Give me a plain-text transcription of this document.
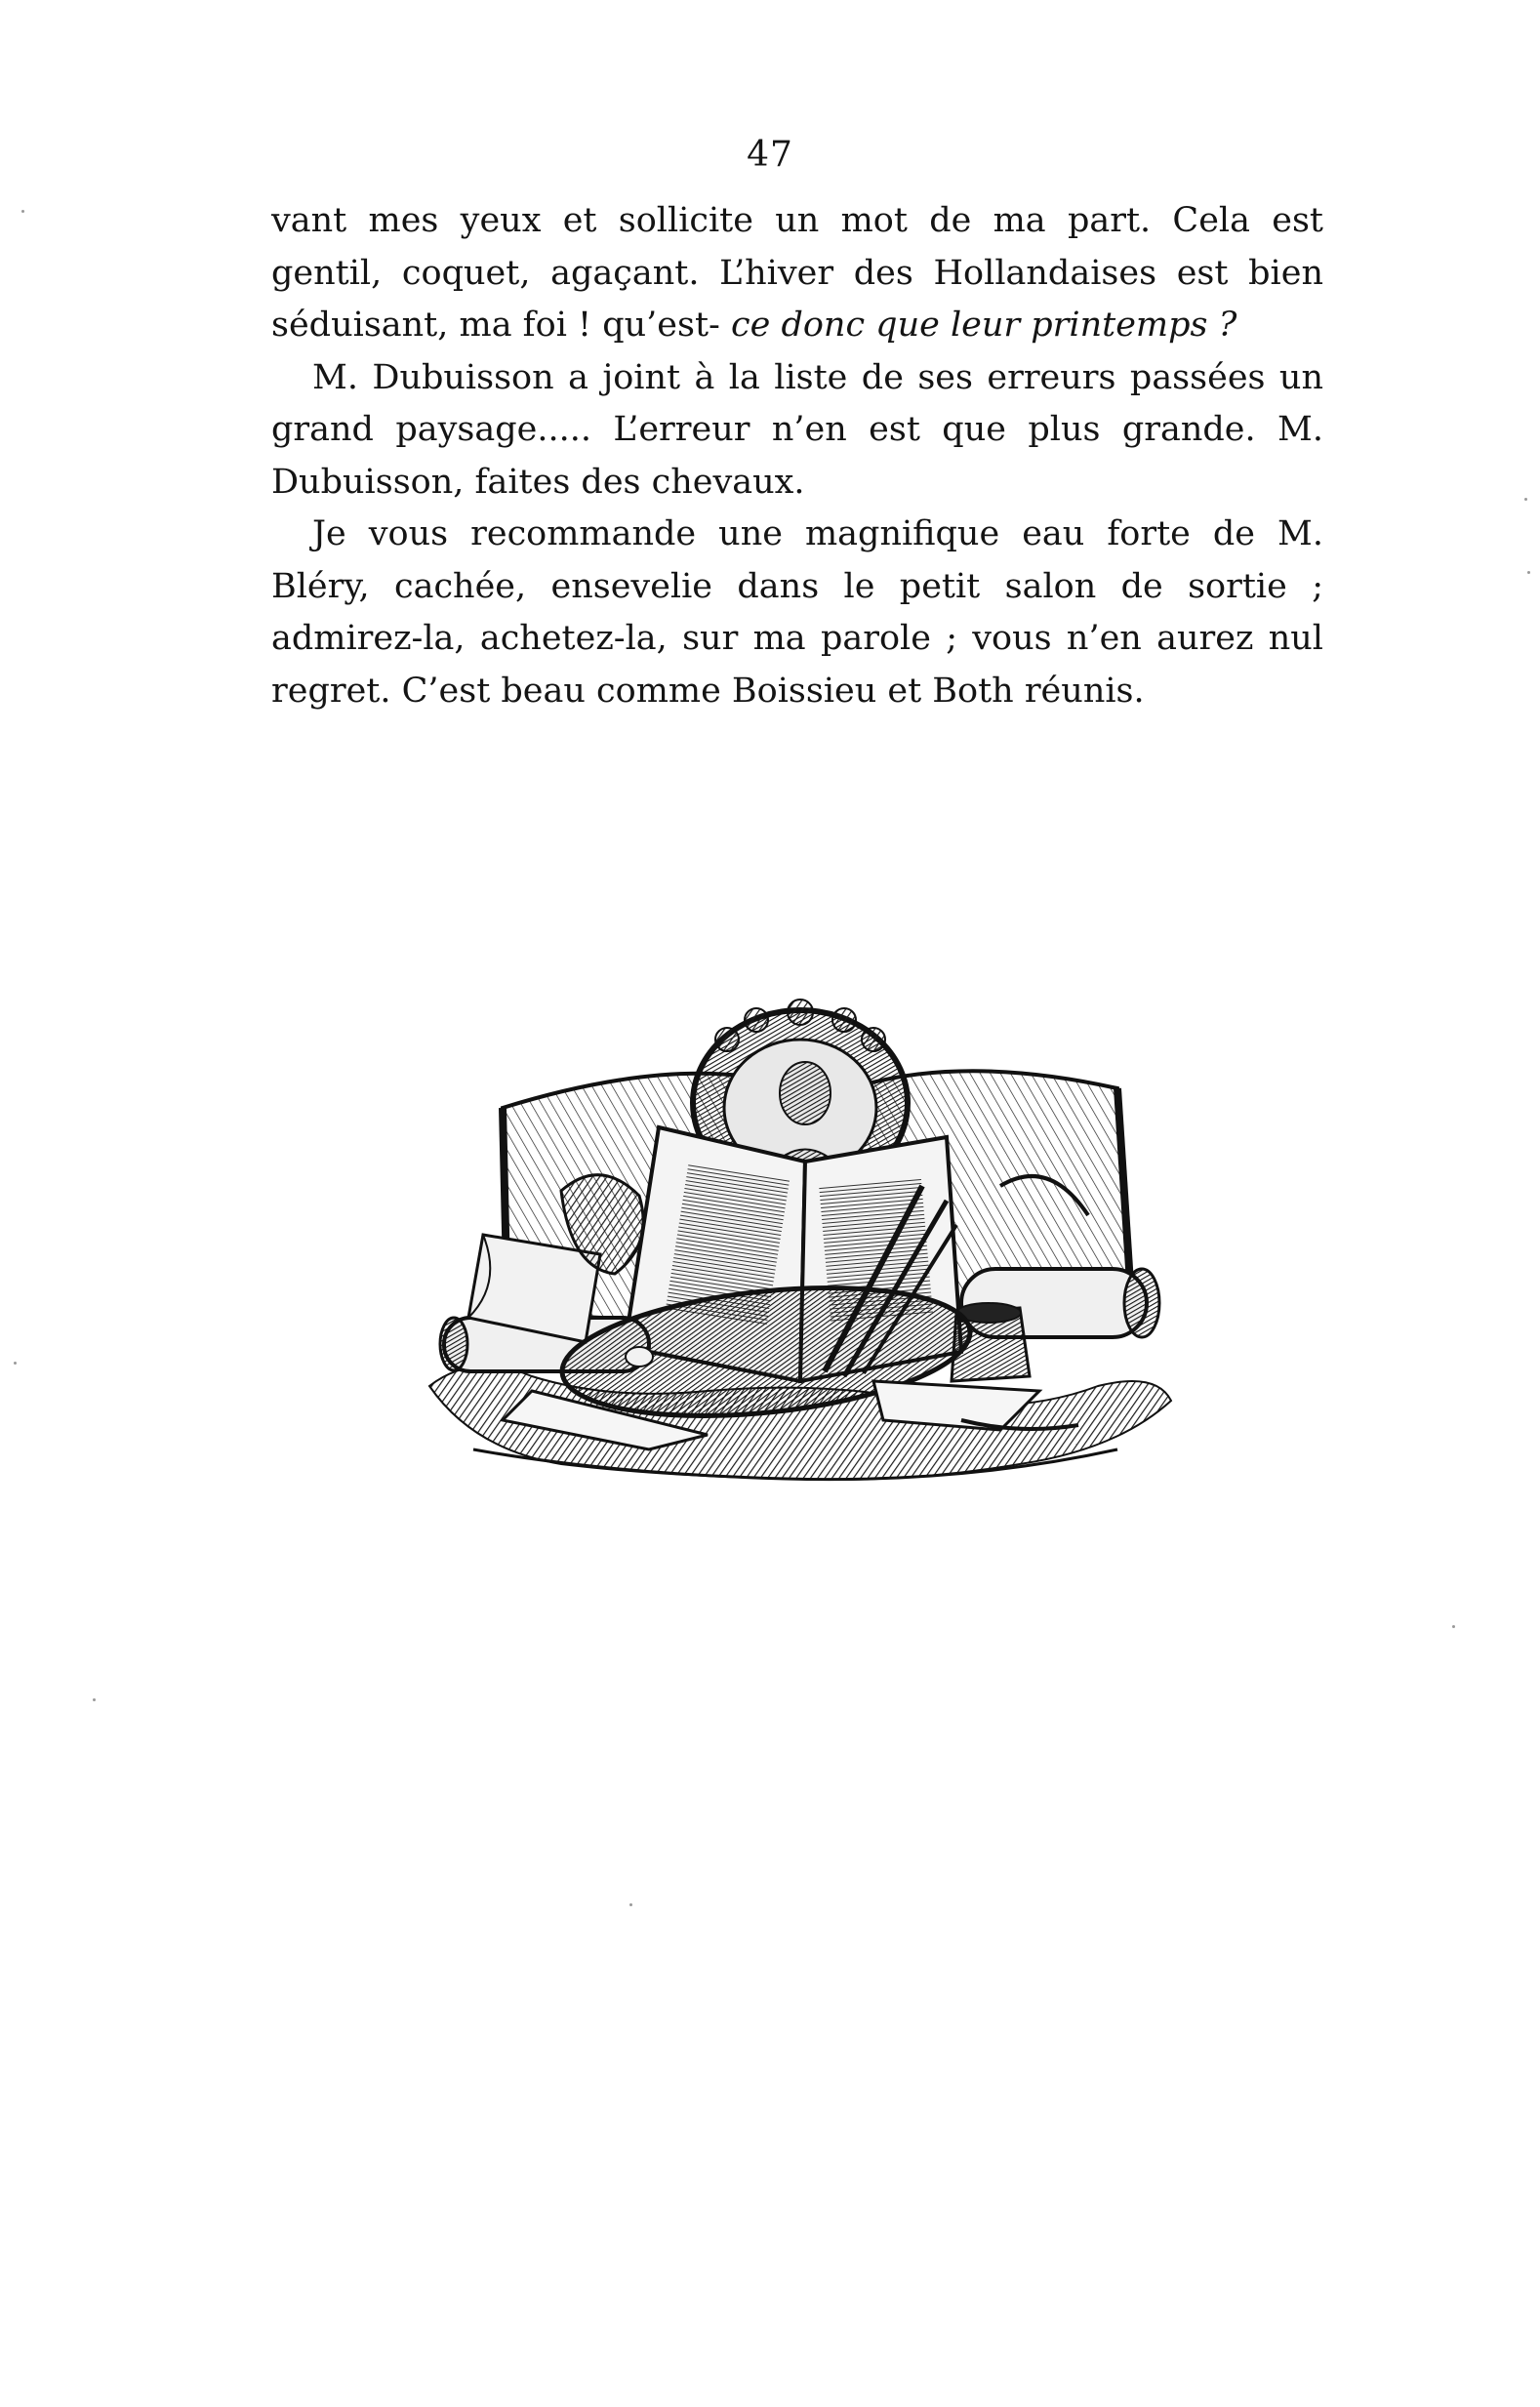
47

vant mes yeux et sollicite un mot de ma part. Cela est gentil, coquet, agaçant. L’hiver des Hollandaises est bien séduisant, ma foi ! qu’est- ce donc que leur printemps ?

M. Dubuisson a joint à la liste de ses erreurs passées un grand paysage..... L’erreur n’en est que plus grande. M. Dubuisson, faites des chevaux.

Je vous recommande une magnifique eau forte de M. Bléry, cachée, ensevelie dans le petit salon de sortie ; admirez-la, achetez-la, sur ma parole ; vous n’en aurez nul regret. C’est beau comme Boissieu et Both réunis.
